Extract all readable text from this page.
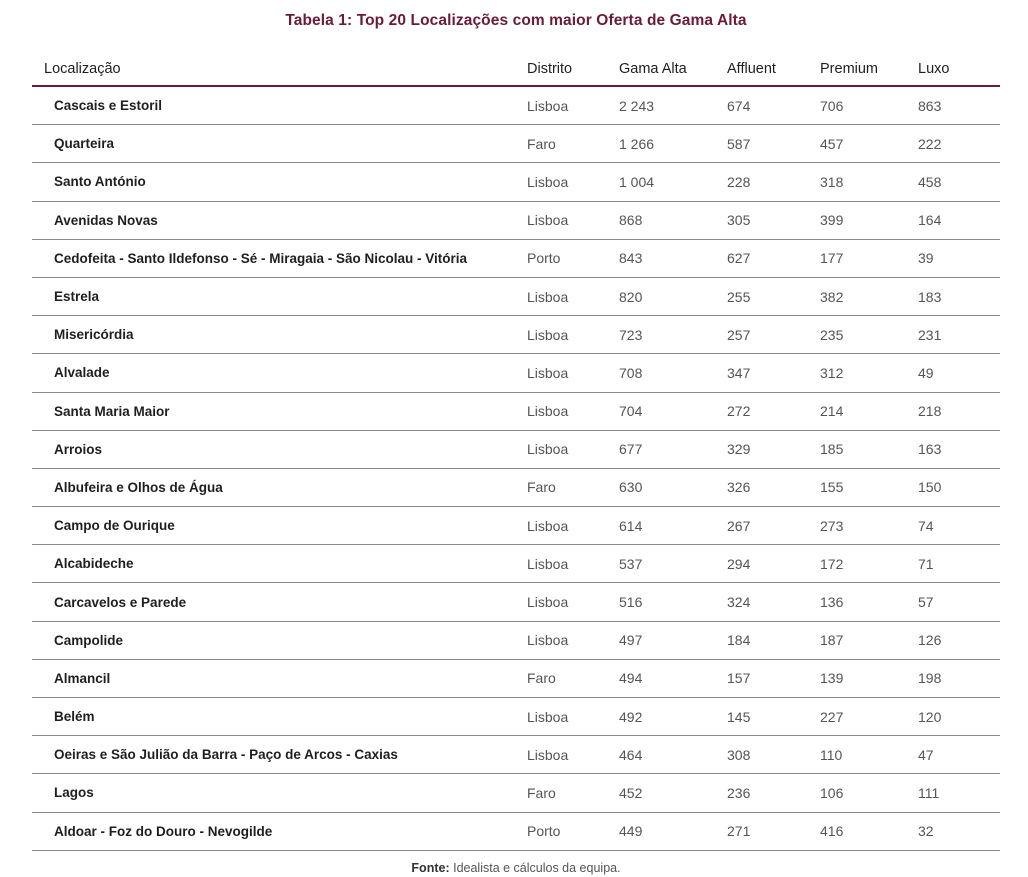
Tabela 1: Top 20 Localizações com maior Oferta de Gama Alta
Localização	Distrito	Gama Alta	Affluent	Premium	Luxo
Cascais e Estoril	Lisboa	2 243	674	706	863
Quarteira	Faro	1 266	587	457	222
Santo António	Lisboa	1 004	228	318	458
Avenidas Novas	Lisboa	868	305	399	164
Cedofeita - Santo Ildefonso - Sé - Miragaia - São Nicolau - Vitória	Porto	843	627	177	39
Estrela	Lisboa	820	255	382	183
Misericórdia	Lisboa	723	257	235	231
Alvalade	Lisboa	708	347	312	49
Santa Maria Maior	Lisboa	704	272	214	218
Arroios	Lisboa	677	329	185	163
Albufeira e Olhos de Água	Faro	630	326	155	150
Campo de Ourique	Lisboa	614	267	273	74
Alcabideche	Lisboa	537	294	172	71
Carcavelos e Parede	Lisboa	516	324	136	57
Campolide	Lisboa	497	184	187	126
Almancil	Faro	494	157	139	198
Belém	Lisboa	492	145	227	120
Oeiras e São Julião da Barra - Paço de Arcos - Caxias	Lisboa	464	308	110	47
Lagos	Faro	452	236	106	111
Aldoar - Foz do Douro - Nevogilde	Porto	449	271	416	32
Fonte: Idealista e cálculos da equipa.
